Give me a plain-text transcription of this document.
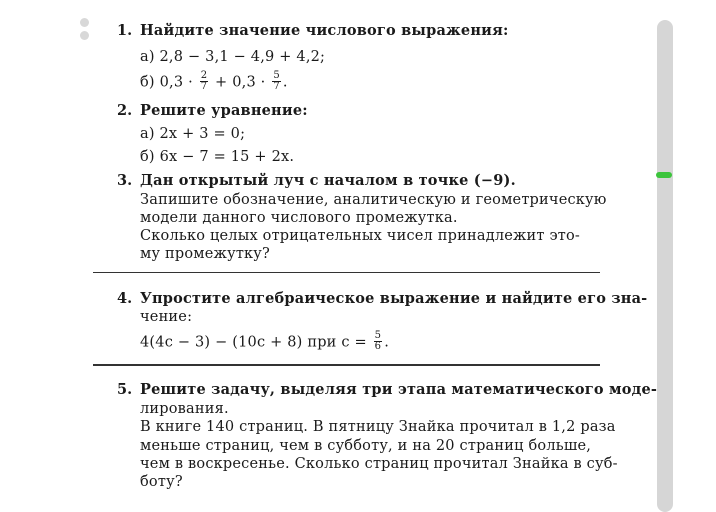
1. Найдите значение числового выражения:
а) 2,8 − 3,1 − 4,9 + 4,2;
б) $0,3 \cdot \frac{2}{7} + 0,3 \cdot \frac{5}{7}$ .
2. Решите уравнение:
а) 2x + 3 = 0;
б) 6x − 7 = 15 + 2x.
3. Дан открытый луч с началом в точке (−9).
Запишите обозначение, аналитическую и геометрическую
модели данного числового промежутка.
Сколько целых отрицательных чисел принадлежит это-
му промежутку?
4. Упростите алгебраическое выражение и найдите его зна-
чение:
4(4c − 3) − (10c + 8) при $c = \frac{5}{6}$ .
5. Решите задачу, выделяя три этапа математического моде-
лирования.
В книге 140 страниц. В пятницу Знайка прочитал в 1,2 раза
меньше страниц, чем в субботу, и на 20 страниц больше,
чем в воскресенье. Сколько страниц прочитал Знайка в суб-
боту?
